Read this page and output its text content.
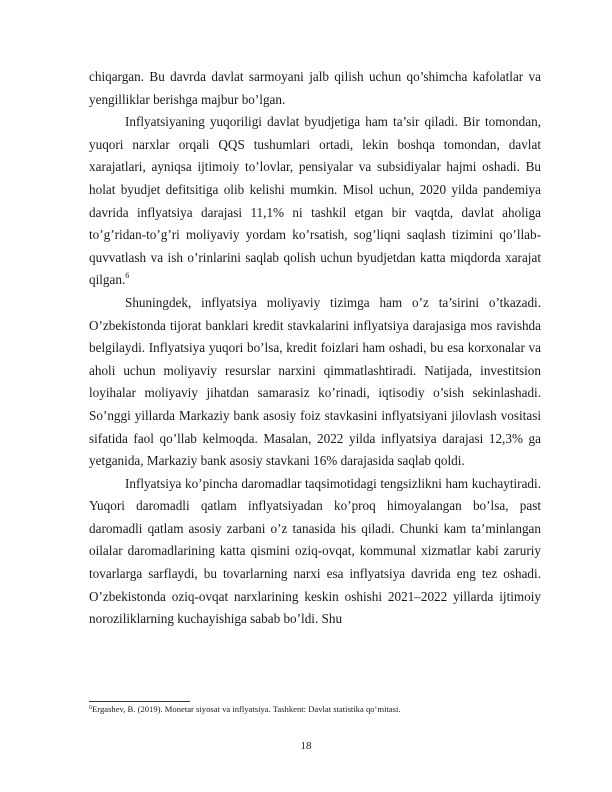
chiqargan. Bu davrda davlat sarmoyani jalb qilish uchun qo’shimcha kafolatlar va yengilliklar berishga majbur bo’lgan.

Inflyatsiyaning yuqoriligi davlat byudjetiga ham ta’sir qiladi. Bir tomondan, yuqori narxlar orqali QQS tushumlari ortadi, lekin boshqa tomondan, davlat xarajatlari, ayniqsa ijtimoiy to’lovlar, pensiyalar va subsidiyalar hajmi oshadi. Bu holat byudjet defitsitiga olib kelishi mumkin. Misol uchun, 2020 yilda pandemiya davrida inflyatsiya darajasi 11,1% ni tashkil etgan bir vaqtda, davlat aholiga to’g’ridan-to’g’ri moliyaviy yordam ko’rsatish, sog’liqni saqlash tizimini qo’llab-quvvatlash va ish o’rinlarini saqlab qolish uchun byudjetdan katta miqdorda xarajat qilgan.$^6$

Shuningdek, inflyatsiya moliyaviy tizimga ham o’z ta’sirini o’tkazadi. O’zbekistonda tijorat banklari kredit stavkalarini inflyatsiya darajasiga mos ravishda belgilaydi. Inflyatsiya yuqori bo’lsa, kredit foizlari ham oshadi, bu esa korxonalar va aholi uchun moliyaviy resurslar narxini qimmatlashtiradi. Natijada, investitsion loyihalar moliyaviy jihatdan samarasiz ko’rinadi, iqtisodiy o’sish sekinlashadi. So’nggi yillarda Markaziy bank asosiy foiz stavkasini inflyatsiyani jilovlash vositasi sifatida faol qo’llab kelmoqda. Masalan, 2022 yilda inflyatsiya darajasi 12,3% ga yetganida, Markaziy bank asosiy stavkani 16% darajasida saqlab qoldi.

Inflyatsiya ko’pincha daromadlar taqsimotidagi tengsizlikni ham kuchaytiradi. Yuqori daromadli qatlam inflyatsiyadan ko’proq himoyalangan bo’lsa, past daromadli qatlam asosiy zarbani o’z tanasida his qiladi. Chunki kam ta’minlangan oilalar daromadlarining katta qismini oziq-ovqat, kommunal xizmatlar kabi zaruriy tovarlarga sarflaydi, bu tovarlarning narxi esa inflyatsiya davrida eng tez oshadi. O’zbekistonda oziq-ovqat narxlarining keskin oshishi 2021–2022 yillarda ijtimoiy noroziliklarning kuchayishiga sabab bo’ldi. Shu

$^6$Ergashev, B. (2019). Monetar siyosat va inflyatsiya. Tashkent: Davlat statistika qo‘mitasi.
18
